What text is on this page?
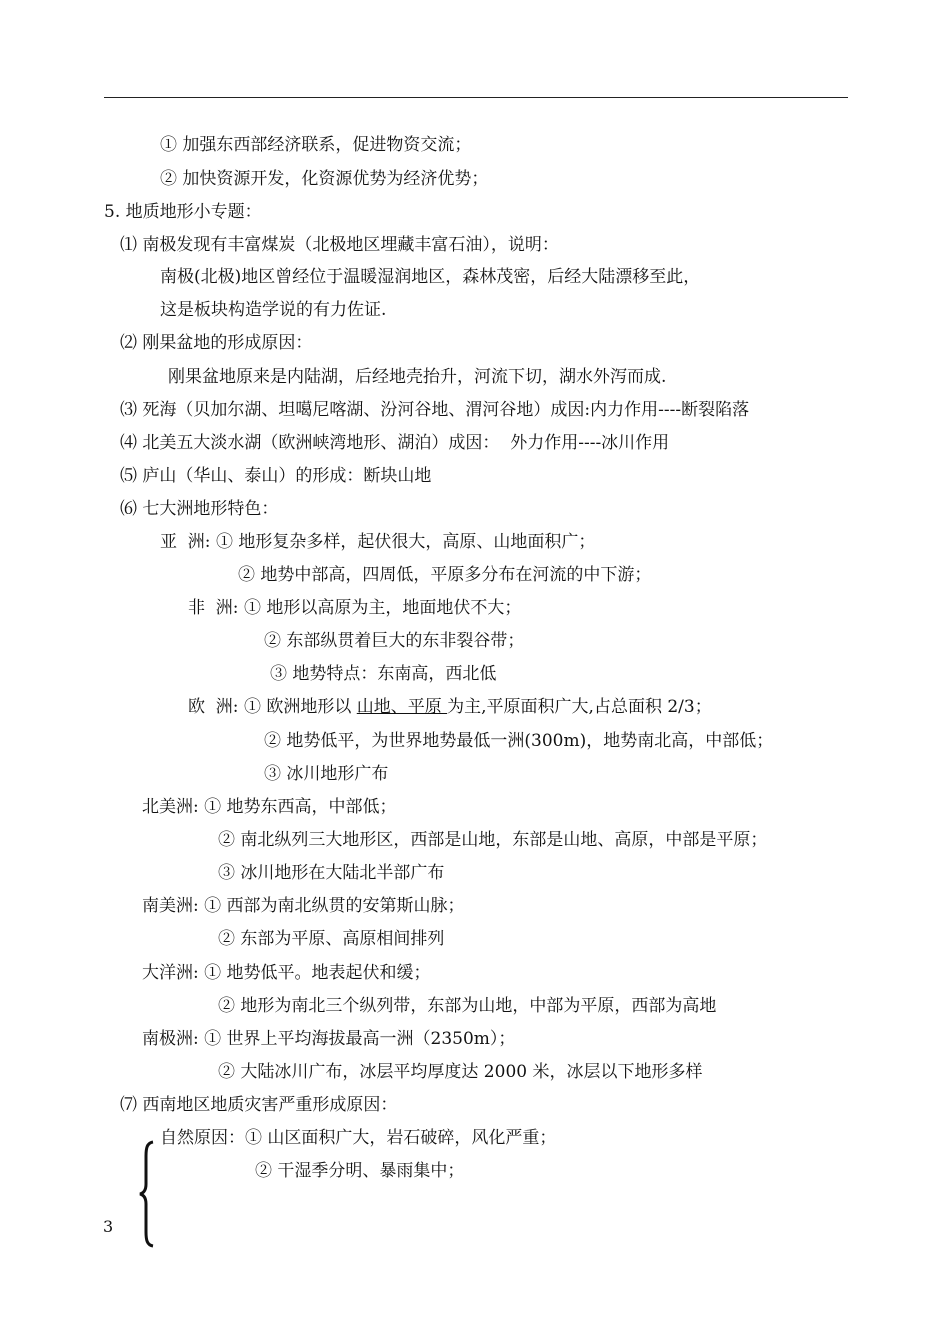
① 加强东西部经济联系，促进物资交流；
② 加快资源开发，化资源优势为经济优势；
5. 地质地形小专题：
⑴ 南极发现有丰富煤炭（北极地区埋藏丰富石油），说明：
南极(北极)地区曾经位于温暖湿润地区，森林茂密，后经大陆漂移至此，
这是板块构造学说的有力佐证.
⑵ 刚果盆地的形成原因：
刚果盆地原来是内陆湖，后经地壳抬升，河流下切，湖水外泻而成.
⑶ 死海（贝加尔湖、坦噶尼喀湖、汾河谷地、渭河谷地）成因:内力作用----断裂陷落
⑷ 北美五大淡水湖（欧洲峡湾地形、湖泊）成因：  外力作用----冰川作用
⑸ 庐山（华山、泰山）的形成：断块山地
⑹ 七大洲地形特色：
亚  洲: ① 地形复杂多样，起伏很大，高原、山地面积广；
② 地势中部高，四周低，平原多分布在河流的中下游；
非  洲: ① 地形以高原为主，地面地伏不大；
② 东部纵贯着巨大的东非裂谷带；
③ 地势特点：东南高，西北低
欧  洲: ① 欧洲地形以 山地、平原 为主,平原面积广大,占总面积 2/3；
② 地势低平，为世界地势最低一洲(300m)，地势南北高，中部低；
③ 冰川地形广布
北美洲: ① 地势东西高，中部低；
② 南北纵列三大地形区，西部是山地，东部是山地、高原，中部是平原；
③ 冰川地形在大陆北半部广布
南美洲: ① 西部为南北纵贯的安第斯山脉；
② 东部为平原、高原相间排列
大洋洲: ① 地势低平。地表起伏和缓；
② 地形为南北三个纵列带，东部为山地，中部为平原，西部为高地
南极洲: ① 世界上平均海拔最高一洲（2350m）；
② 大陆冰川广布，冰层平均厚度达 2000 米，冰层以下地形多样
⑺ 西南地区地质灾害严重形成原因：
自然原因：① 山区面积广大，岩石破碎，风化严重；
② 干湿季分明、暴雨集中；
3
